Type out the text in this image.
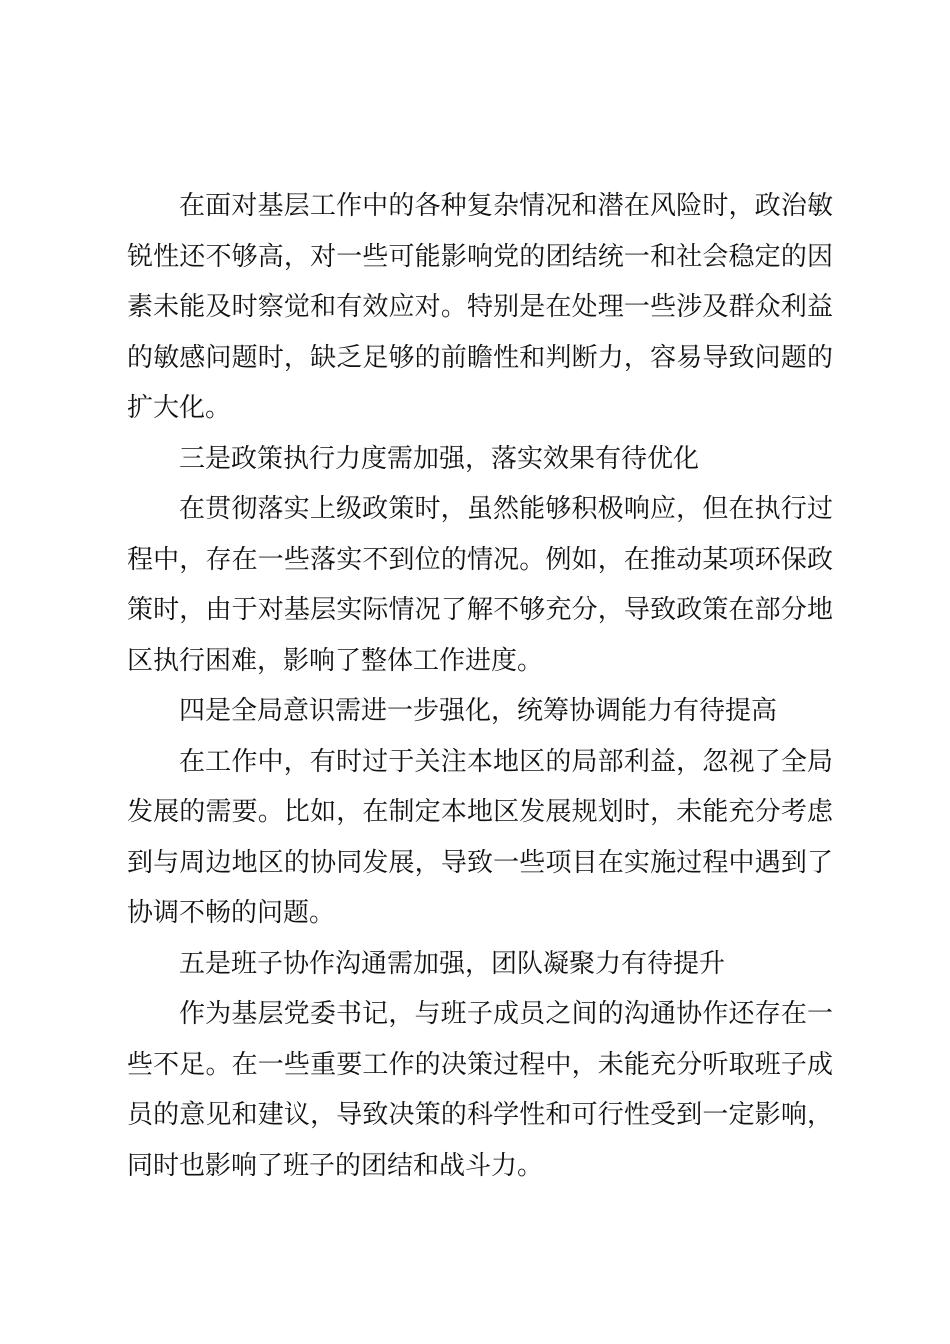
在面对基层工作中的各种复杂情况和潜在风险时，政治敏锐性还不够高，对一些可能影响党的团结统一和社会稳定的因素未能及时察觉和有效应对。特别是在处理一些涉及群众利益的敏感问题时，缺乏足够的前瞻性和判断力，容易导致问题的扩大化。

三是政策执行力度需加强，落实效果有待优化

在贯彻落实上级政策时，虽然能够积极响应，但在执行过程中，存在一些落实不到位的情况。例如，在推动某项环保政策时，由于对基层实际情况了解不够充分，导致政策在部分地区执行困难，影响了整体工作进度。

四是全局意识需进一步强化，统筹协调能力有待提高

在工作中，有时过于关注本地区的局部利益，忽视了全局发展的需要。比如，在制定本地区发展规划时，未能充分考虑到与周边地区的协同发展，导致一些项目在实施过程中遇到了协调不畅的问题。

五是班子协作沟通需加强，团队凝聚力有待提升

作为基层党委书记，与班子成员之间的沟通协作还存在一些不足。在一些重要工作的决策过程中，未能充分听取班子成员的意见和建议，导致决策的科学性和可行性受到一定影响，同时也影响了班子的团结和战斗力。
